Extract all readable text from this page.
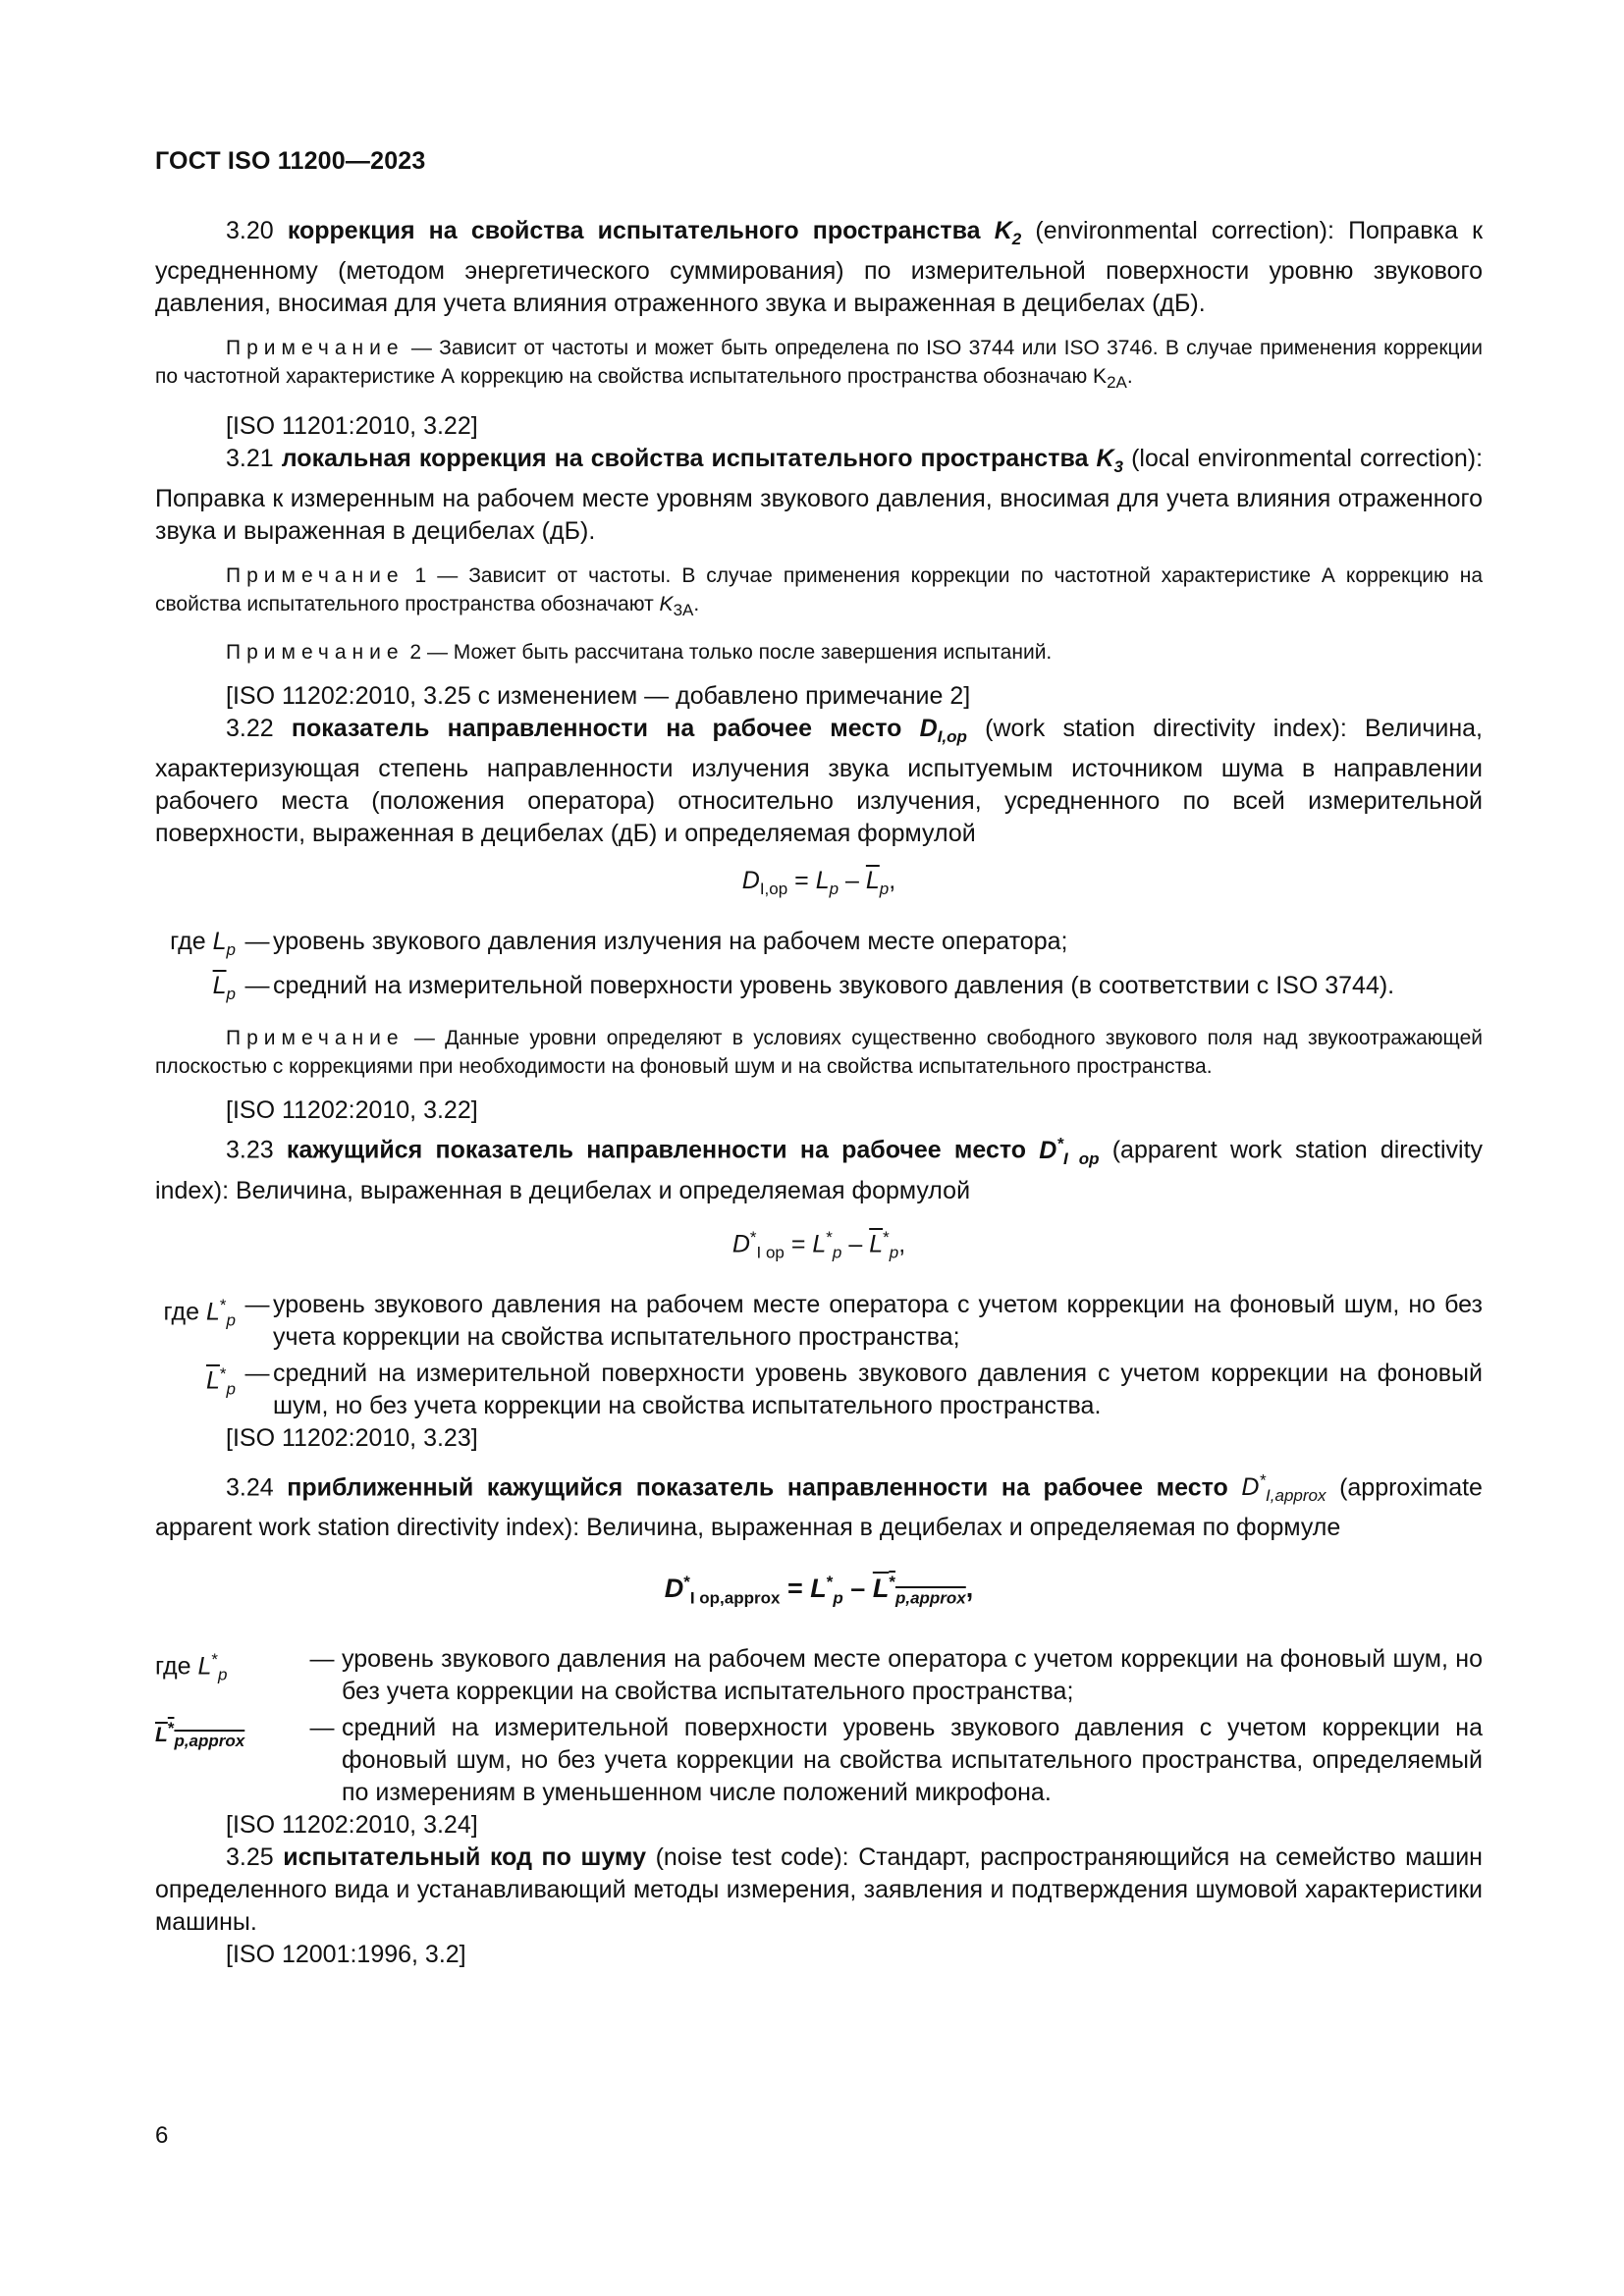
ГОСТ ISO 11200—2023

3.20 коррекция на свойства испытательного пространства $K_2$ (environmental correction): Поправка к усредненному (методом энергетического суммирования) по измерительной поверхности уровню звукового давления, вносимая для учета влияния отраженного звука и выраженная в децибелах (дБ).

Примечание — Зависит от частоты и может быть определена по ISO 3744 или ISO 3746. В случае применения коррекции по частотной характеристике А коррекцию на свойства испытательного пространства обозначаю $K_{2A}$.

[ISO 11201:2010, 3.22]

3.21 локальная коррекция на свойства испытательного пространства $K_3$ (local environmental correction): Поправка к измеренным на рабочем месте уровням звукового давления, вносимая для учета влияния отраженного звука и выраженная в децибелах (дБ).

Примечание 1 — Зависит от частоты. В случае применения коррекции по частотной характеристике А коррекцию на свойства испытательного пространства обозначают $K_{3A}$.

Примечание 2 — Может быть рассчитана только после завершения испытаний.

[ISO 11202:2010, 3.25 с изменением — добавлено примечание 2]

3.22 показатель направленности на рабочее место $D_{I,op}$ (work station directivity index): Величина, характеризующая степень направленности излучения звука испытуемым источником шума в направлении рабочего места (положения оператора) относительно излучения, усредненного по всей измерительной поверхности, выраженная в децибелах (дБ) и определяемая формулой

$D_{I,op} = L_p - \overline{L}_p$,
где $L_p$ — уровень звукового давления излучения на рабочем месте оператора;
$\overline{L}_p$ — средний на измерительной поверхности уровень звукового давления (в соответствии с ISO 3744).

Примечание — Данные уровни определяют в условиях существенно свободного звукового поля над звукоотражающей плоскостью с коррекциями при необходимости на фоновый шум и на свойства испытательного пространства.

[ISO 11202:2010, 3.22]

3.23 кажущийся показатель направленности на рабочее место $D^*_{I op}$ (apparent work station directivity index): Величина, выраженная в децибелах и определяемая формулой

$D^*_{I op} = L^*_p - \overline{L}^*_p$,
где $L^*_p$
— уровень звукового давления на рабочем месте оператора с учетом коррекции на фоновый шум, но без учета коррекции на свойства испытательного пространства;
$\overline{L}^*_p$
— средний на измерительной поверхности уровень звукового давления с учетом коррекции на фоновый шум, но без учета коррекции на свойства испытательного пространства.

[ISO 11202:2010, 3.23]

3.24 приближенный кажущийся показатель направленности на рабочее место $D^*_{I,approx}$ (approximate apparent work station directivity index): Величина, выраженная в децибелах и определяемая по формуле

$D^*_{I op,approx} = L^*_p - L^*_{p,approx}$,
где $L^*_p$
— уровень звукового давления на рабочем месте оператора с учетом коррекции на фоновый шум, но без учета коррекции на свойства испытательного пространства;
$L^*_{p,approx}$	— средний на измерительной поверхности уровень звукового давления с учетом коррекции на фоновый шум, но без учета коррекции на свойства испытательного пространства, определяемый по измерениям в уменьшенном числе положений микрофона.

[ISO 11202:2010, 3.24]

3.25 испытательный код по шуму (noise test code): Стандарт, распространяющийся на семейство машин определенного вида и устанавливающий методы измерения, заявления и подтверждения шумовой характеристики машины.

[ISO 12001:1996, 3.2]

6
